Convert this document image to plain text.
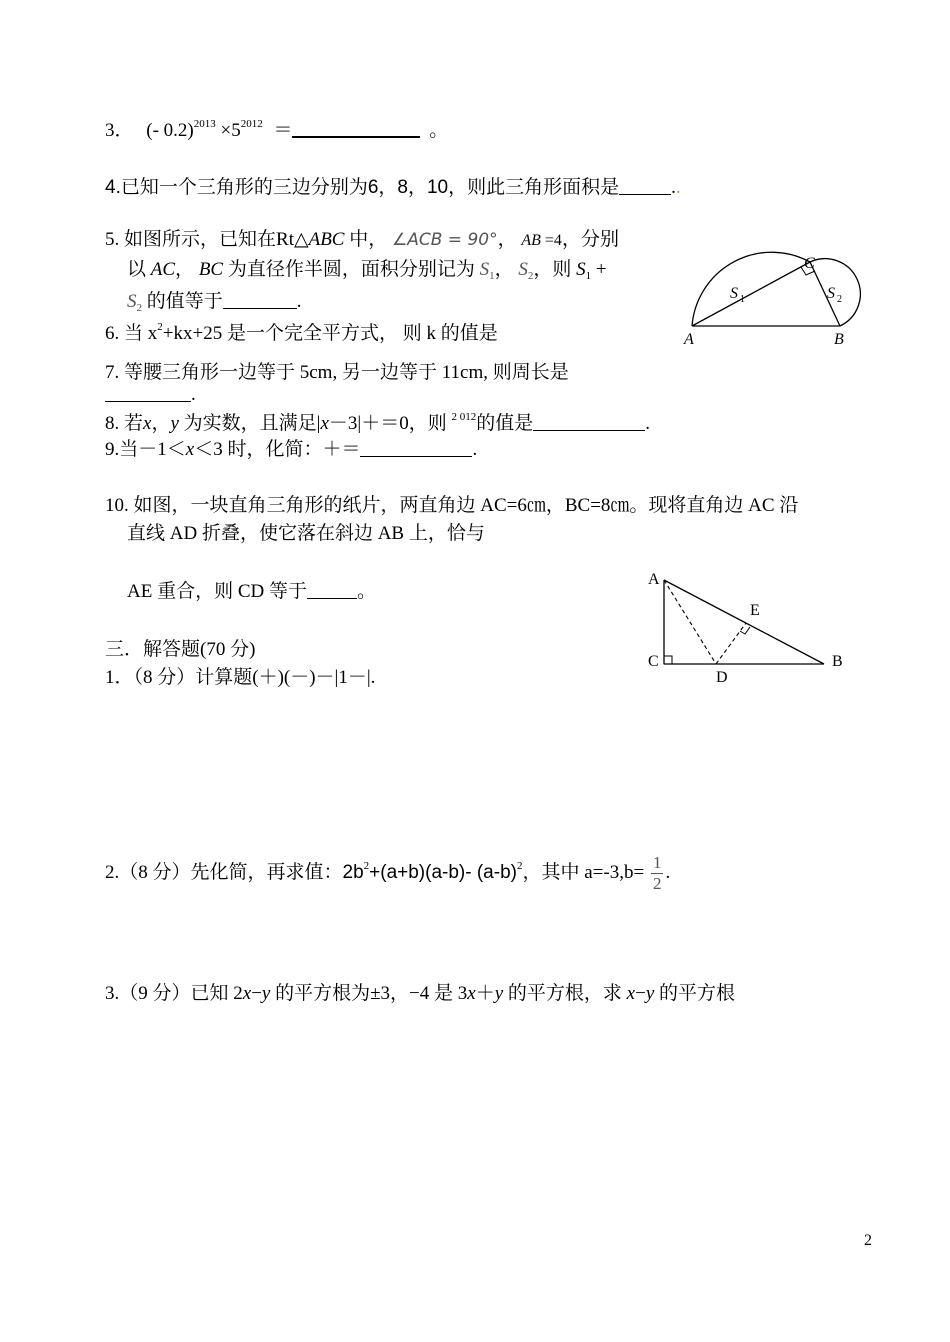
3． (- $0.2)^{2013} \times 5^{2012}$ ＝	。
4.已知一个三角形的三边分别为6，8，10，则此三角形面积是	..
5. 如图所示，已知在Rt△ABC 中， ∠ACB = 90°， AB =4，分别
以 AC， BC 为直径作半圆，面积分别记为 $S_1$， $S_2$，则 $S_1$ +
$S_2$ 的值等于	.
6. 当 $x^2+kx+25$ 是一个完全平方式， 则 k 的值是
7. 等腰三角形一边等于 5cm, 另一边等于 11cm, 则周长是
.
8. 若x，y 为实数，且满足|x－3|＋＝0，则 $^{2 012}$的值是	.
9.当－1＜x＜3 时，化简：＋＝	.
10. 如图，一块直角三角形的纸片，两直角边 AC=6㎝，BC=8㎝。现将直角边 AC 沿
直线 AD 折叠，使它落在斜边 AB 上，恰与
AE 重合，则 CD 等于	。
三．解答题(70 分)
1．（8 分）计算题(＋)(－)－|1－|.
2.（8 分）先化简，再求值：$2b^2+(a+b)(a-b)-$ $(a-b)^2$，其中 $a=-3,b= \frac{1}{2}$ .
3.（9 分）已知 2x−y 的平方根为±3，−4 是 3x＋y 的平方根，求 x−y 的平方根
A	B
C
S 1	S 2
A
C	B
D
E
2
